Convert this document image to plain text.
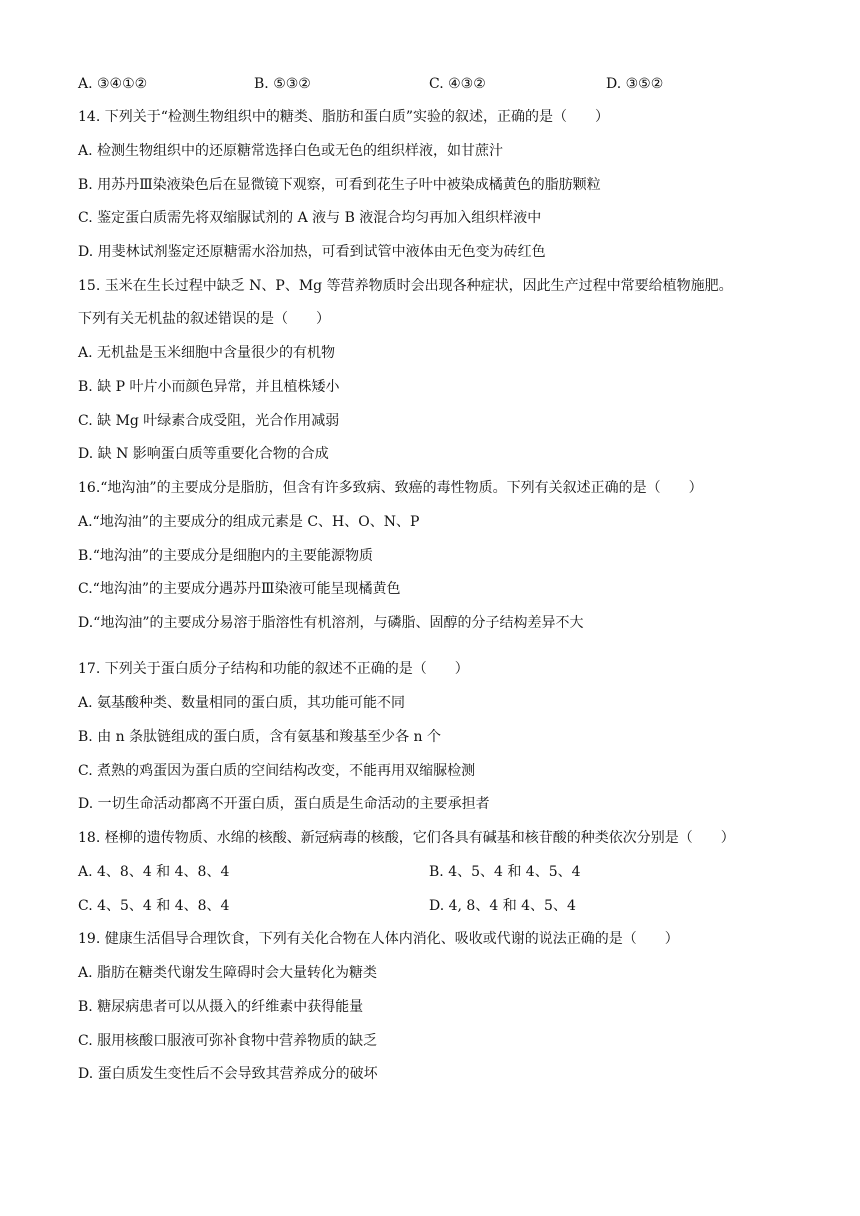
A. ③④①②	B. ⑤③②	C. ④③②	D. ③⑤②
14. 下列关于“检测生物组织中的糖类、脂肪和蛋白质”实验的叙述，正确的是（　　）
A. 检测生物组织中的还原糖常选择白色或无色的组织样液，如甘蔗汁
B. 用苏丹Ⅲ染液染色后在显微镜下观察，可看到花生子叶中被染成橘黄色的脂肪颗粒
C. 鉴定蛋白质需先将双缩脲试剂的 A 液与 B 液混合均匀再加入组织样液中
D. 用斐林试剂鉴定还原糖需水浴加热，可看到试管中液体由无色变为砖红色
15. 玉米在生长过程中缺乏 N、P、Mg 等营养物质时会出现各种症状，因此生产过程中常要给植物施肥。
下列有关无机盐的叙述错误的是（　　）
A. 无机盐是玉米细胞中含量很少的有机物
B. 缺 P 叶片小而颜色异常，并且植株矮小
C. 缺 Mg 叶绿素合成受阻，光合作用减弱
D. 缺 N 影响蛋白质等重要化合物的合成
16.“地沟油”的主要成分是脂肪，但含有许多致病、致癌的毒性物质。下列有关叙述正确的是（　　）
A.“地沟油”的主要成分的组成元素是 C、H、O、N、P
B.“地沟油”的主要成分是细胞内的主要能源物质
C.“地沟油”的主要成分遇苏丹Ⅲ染液可能呈现橘黄色
D.“地沟油”的主要成分易溶于脂溶性有机溶剂，与磷脂、固醇的分子结构差异不大
17. 下列关于蛋白质分子结构和功能的叙述不正确的是（　　）
A. 氨基酸种类、数量相同的蛋白质，其功能可能不同
B. 由 n 条肽链组成的蛋白质，含有氨基和羧基至少各 n 个
C. 煮熟的鸡蛋因为蛋白质的空间结构改变，不能再用双缩脲检测
D. 一切生命活动都离不开蛋白质，蛋白质是生命活动的主要承担者
18. 柽柳的遗传物质、水绵的核酸、新冠病毒的核酸，它们各具有碱基和核苷酸的种类依次分别是（　　）
A. 4、8、4 和 4、8、4	B. 4、5、4 和 4、5、4
C. 4、5、4 和 4、8、4	D. 4, 8、4 和 4、5、4
19. 健康生活倡导合理饮食，下列有关化合物在人体内消化、吸收或代谢的说法正确的是（　　）
A. 脂肪在糖类代谢发生障碍时会大量转化为糖类
B. 糖尿病患者可以从摄入的纤维素中获得能量
C. 服用核酸口服液可弥补食物中营养物质的缺乏
D. 蛋白质发生变性后不会导致其营养成分的破坏
